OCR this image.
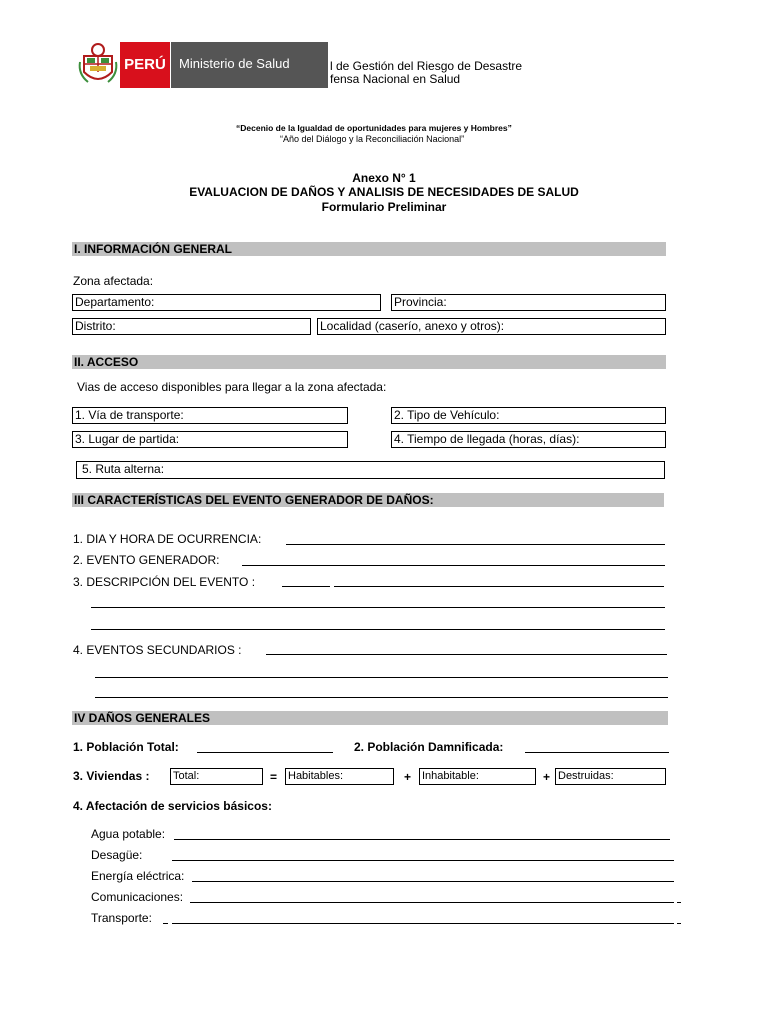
PERÚ	Ministerio de Salud	l de Gestión del Riesgo de Desastre
fensa Nacional en Salud
“Decenio de la Igualdad de oportunidades para mujeres y Hombres”
“Año del Diálogo y la Reconciliación Nacional”
Anexo N° 1
EVALUACION DE DAÑOS Y ANALISIS DE NECESIDADES DE SALUD
Formulario Preliminar
I. INFORMACIÓN GENERAL
Zona afectada:
Departamento:	Provincia:
Distrito:	Localidad (caserío, anexo y otros):
II. ACCESO
Vias de acceso disponibles para llegar a la zona afectada:
1. Vía de transporte:	2. Tipo de Vehículo:
3. Lugar de partida:	4. Tiempo de llegada (horas, días):
5. Ruta alterna:
III CARACTERÍSTICAS DEL EVENTO GENERADOR DE DAÑOS:
1. DIA Y HORA DE OCURRENCIA:
2. EVENTO GENERADOR:
3. DESCRIPCIÓN DEL EVENTO :
4. EVENTOS SECUNDARIOS :
IV DAÑOS GENERALES
1. Población Total:	2. Población Damnificada:
3. Viviendas : Total:	= Habitables:	+ Inhabitable:	+ Destruidas:
4. Afectación de servicios básicos:
Agua potable:
Desagüe:
Energía eléctrica:
Comunicaciones:
Transporte:
